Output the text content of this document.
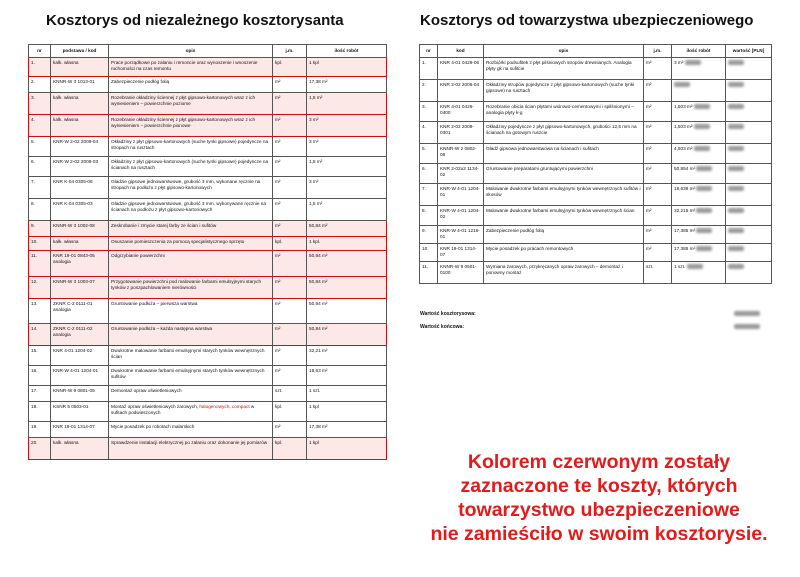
Kosztorys od niezależnego kosztorysanta	Kosztorys od towarzystwa ubezpieczeniowego
nr	podstawa / kod	opis	j.m.	ilość robót
1.	kalk. własna	Prace porządkowe po zalaniu i remoncie oraz wynoszenie i wnoszenie ruchomości na czas remontu	kpl.	1 kpl
2.	KNNR-W 3 1013-01	Zabezpieczenie podłóg folią	m²	17,38 m²
3.	kalk. własna	Rozebranie okładziny ściennej z płyt gipsowo-kartonowych wraz z ich wyniesieniem – powierzchnie poziome	m²	1,5 m²
4.	kalk. własna	Rozebranie okładziny ściennej z płyt gipsowo-kartonowych wraz z ich wyniesieniem – powierzchnie pionowe	m²	3 m²
5.	KNR-W 2-02 2008-04	Okładziny z płyt gipsowo-kartonowych (suche tynki gipsowe) pojedyncze na stropach na ruszt​ach	m²	3 m²
6.	KNR-W 2-02 2008-03	Okładziny z płyt gipsowo-kartonowych (suche tynki gipsowe) pojedyncze na ścianach na rusztach	m²	1,5 m²
7.	KNR K-04 0305-06	Gładzie gipsowe jednowarstwowe, grubość 3 mm, wykonane ręcznie na stropach na podłożu z płyt gipsowo-kartonowych	m²	3 m²
8.	KNR K-04 0305-03	Gładzie gipsowe jednowarstwowe, grubość 3 mm, wykonywane ręcznie na ścianach na podłożu z płyt gipsowo-kartonowych	m²	1,5 m²
9.	KNNR-W 3 1002-08	Zeskrobanie i zmycie starej farby ze ścian i sufitów	m²	50,84 m²
10.	kalk. własna	Osuszanie pomieszczenia za pomocą specjalistycznego sprzętu	kpl.	1 kpl.
11.	KNR 19-01 0843-05 analogia	Odgrzybianie powierzchni	m²	50,84 m²
12.	KNNR-W 3 1003-07	Przygotowanie powierzchni pod malowanie farbami emulsyjnymi starych tynków z poszpachlowaniem nierówności	m²	50,84 m²
13.	ZKNR C-2 0111-01 analogia	Gruntowanie podłoża – pierwsza warstwa	m²	50,84 m²
14.	ZKNR C-2 0111-02 analogia	Gruntowanie podłoża – każda następna warstwa	m²	50,84 m²
15.	KNR 4-01 1204-02	Dwukrotne malowanie farbami emulsyjnymi starych tynków wewnętrznych ścian	m²	32,21 m²
16.	KNR-W 4-01 1204-01	Dwukrotne malowanie farbami emulsyjnymi starych tynków wewnętrznych sufitów	m²	18,63 m²
17.	KNNR-W 9 0801-05	Demontaż opraw oświetleniowych	szt.	1 szt.
18.	KSNR 5 0503-01	Montaż opraw oświetleniowych żarowych, halogenowych, compact w sufitach podwieszonych	kpl.	1 kpl
19.	KNR 19-01 1314-07	Mycie posadzek po robotach malarskich	m²	17,38 m²
20.	kalk. własna	Sprawdzenie instalacji elektrycznej po zalaniu oraz dokonanie jej pomiarów	kpl.	1 kpl
nr	kod	opis	j.m.	ilość robót	wartość [PLN]
1.	KNR 4-01 0429-06	Rozbiórki podsufitek z płyt pilśniowych stropów drewnianych. Analogia płyty gk na sufitcie	m²	3 m²	
2.	KNR 2-02 2006-04	Okładziny stropów pojedyncze z płyt gipsowo-kartonowych (suche tynki gipsowe) na rusztach	m²		
3.	KNR 4-01 0426-0400	Rozebranie obicia ścian płytami wiórowo-cementowymi i spilśnionymi – analogia płyty k-g	m²	1,503 m²	
4.	KNR 2-02 2008-0301	Okładziny pojedyncze z płyt gipsowo-kartonowych, grubości 12,5 mm na ścianach na gotowym ruszcie	m²	1,503 m²	
5.	KNNR-W 2 0802-06	Gładź gipsowa jednowarstwowa na ścianach i sufitach	m²	4,503 m²	
6.	KNR 2-02u2 1134-02	Gruntowanie preparatami gruntującymi powierzchni	m²	50,854 m²	
7.	KNR-W 4-01 1204-01	Malowanie dwukrotne farbami emulsyjnymi tynków wewnętrznych sufitów i skosów	m²	18,639 m²	
8.	KNR-W 4-01 1204-02	Malowanie dwukrotne farbami emulsyjnymi tynków wewnętrznych ścian	m²	32,215 m²	
9.	KNR-W 4-01 1216-01	Zabezpieczenie podłóg folią	m²	17,385 m²	
10.	KNR 19-01 1314-07	Mycie posadzek po pracach remontowych	m²	17,385 m²	
11.	KNNR-W 9 0501-0100	Wymiana żarowych, przykręcanych opraw żarowych – demontaż i ponowny montaż	szt.	1 szt.	
Wartość kosztorysowa:
Wartość końcowa:
Kolorem czerwonym zostały
zaznaczone te koszty, których
towarzystwo ubezpieczeniowe
nie zamieściło w swoim kosztorysie.
